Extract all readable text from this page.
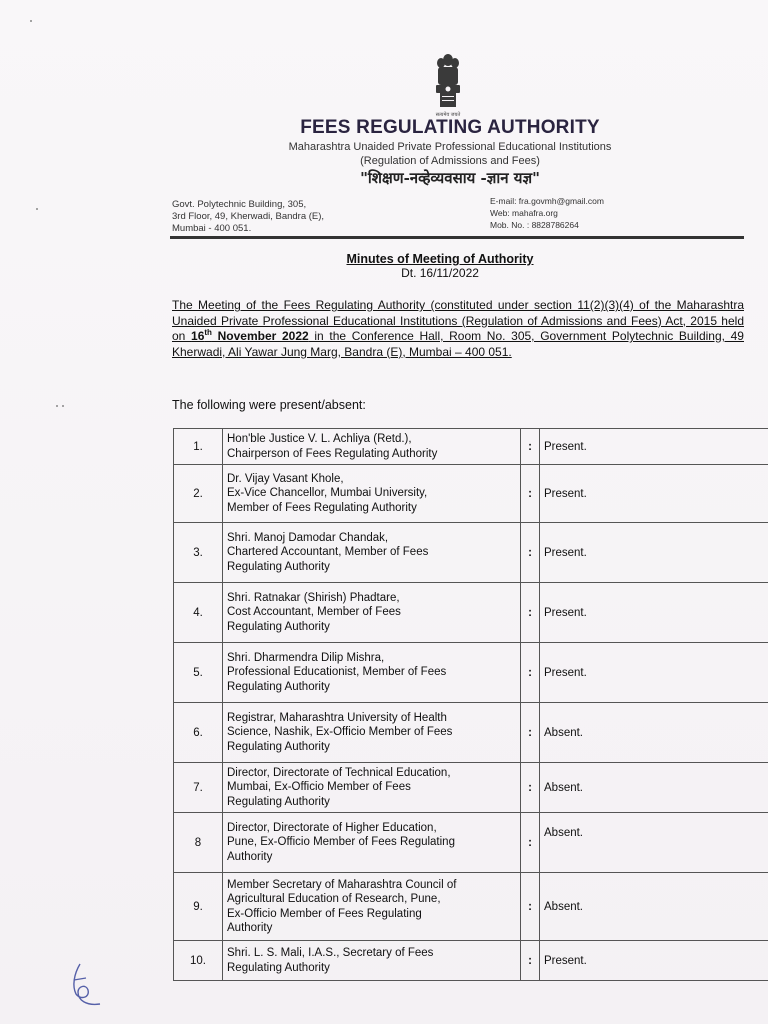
सत्यमेव जयते
FEES REGULATING AUTHORITY
Maharashtra Unaided Private Professional Educational Institutions
(Regulation of Admissions and Fees)
"शिक्षण-नव्हेव्यवसाय -ज्ञान यज्ञ"
Govt. Polytechnic Building, 305,
3rd Floor, 49, Kherwadi, Bandra (E),
Mumbai - 400 051.
E-mail: fra.govmh@gmail.com
Web: mahafra.org
Mob. No. : 8828786264
Minutes of Meeting of Authority
Dt. 16/11/2022
The Meeting of the Fees Regulating Authority (constituted under section 11(2)(3)(4) of the Maharashtra Unaided Private Professional Educational Institutions (Regulation of Admissions and Fees) Act, 2015 held on 16th November 2022 in the Conference Hall, Room No. 305, Government Polytechnic Building, 49 Kherwadi, Ali Yawar Jung Marg, Bandra (E), Mumbai – 400 051.
The following were present/absent:
1.	Hon'ble Justice V. L. Achliya (Retd.),
Chairperson of Fees Regulating Authority	:	Present.
2.	Dr. Vijay Vasant Khole,
Ex-Vice Chancellor, Mumbai University,
Member of Fees Regulating Authority	:	Present.
3.	Shri. Manoj Damodar Chandak,
Chartered Accountant, Member of Fees
Regulating Authority	:	Present.
4.	Shri. Ratnakar (Shirish) Phadtare,
Cost Accountant, Member of Fees
Regulating Authority	:	Present.
5.	Shri. Dharmendra Dilip Mishra,
Professional Educationist, Member of Fees
Regulating Authority	:	Present.
6.	Registrar, Maharashtra University of Health
Science, Nashik, Ex-Officio Member of Fees
Regulating Authority	:	Absent.
7.	Director, Directorate of Technical Education,
Mumbai, Ex-Officio Member of Fees
Regulating Authority	:	Absent.
8	Director, Directorate of Higher Education,
Pune, Ex-Officio Member of Fees Regulating
Authority	:	Absent.
9.	Member Secretary of Maharashtra Council of
Agricultural Education of Research, Pune,
Ex-Officio Member of Fees Regulating
Authority	:	Absent.
10.	Shri. L. S. Mali, I.A.S., Secretary of Fees
Regulating Authority	:	Present.
